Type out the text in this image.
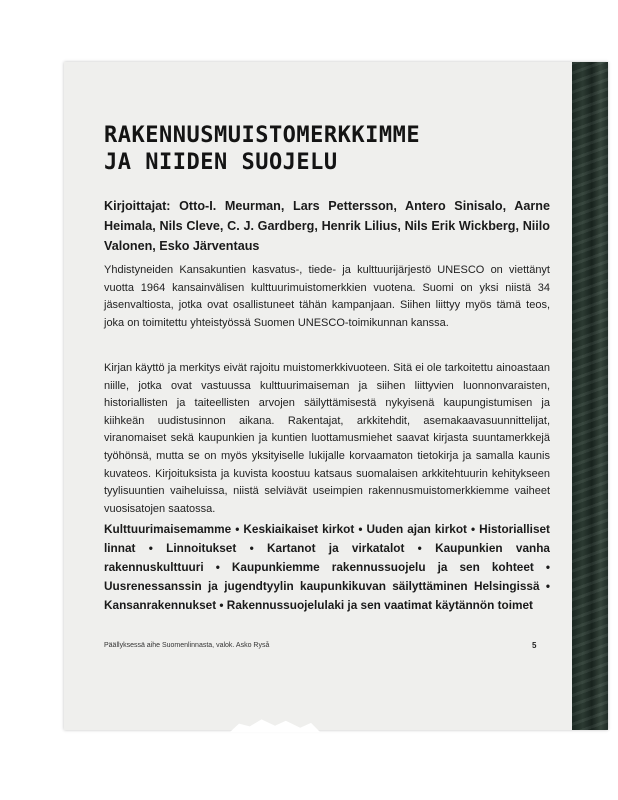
RAKENNUSMUISTOMERKKIMME
JA NIIDEN SUOJELU

Kirjoittajat: Otto-I. Meurman, Lars Pettersson, Antero Sinisalo, Aarne Heimala, Nils Cleve, C. J. Gardberg, Henrik Lilius, Nils Erik Wickberg, Niilo Valonen, Esko Järventaus

Yhdistyneiden Kansakuntien kasvatus-, tiede- ja kulttuurijärjestö UNESCO on viettänyt vuotta 1964 kansainvälisen kulttuurimuistomerkkien vuotena. Suomi on yksi niistä 34 jäsenvaltiosta, jotka ovat osallistuneet tähän kampanjaan. Siihen liittyy myös tämä teos, joka on toimitettu yhteistyössä Suomen UNESCO-toimikunnan kanssa.

Kirjan käyttö ja merkitys eivät rajoitu muistomerkkivuoteen. Sitä ei ole tarkoitettu ainoastaan niille, jotka ovat vastuussa kulttuurimaiseman ja siihen liittyvien luonnonvaraisten, historiallisten ja taiteellisten arvojen säilyttämisestä nykyisenä kaupungistumisen ja kiihkeän uudistusinnon aikana. Rakentajat, arkkitehdit, asemakaavasuunnittelijat, viranomaiset sekä kaupunkien ja kuntien luottamusmiehet saavat kirjasta suuntamerkkejä työhönsä, mutta se on myös yksityiselle lukijalle korvaamaton tietokirja ja samalla kaunis kuvateos. Kirjoituksista ja kuvista koostuu katsaus suomalaisen arkkitehtuurin kehitykseen tyylisuuntien vaiheluissa, niistä selviävät useimpien rakennusmuistomerkkiemme vaiheet vuosisatojen saatossa.

Kulttuurimaisemamme • Keskiaikaiset kirkot • Uuden ajan kirkot • Historialliset linnat • Linnoitukset • Kartanot ja virkatalot • Kaupunkien vanha rakennuskulttuuri • Kaupunkiemme rakennussuojelu ja sen kohteet • Uusrenessanssin ja jugendtyylin kaupunkikuvan säilyttäminen Helsingissä • Kansanrakennukset • Rakennussuojelulaki ja sen vaatimat käytännön toimet

Päällyksessä aihe Suomenlinnasta, valok. Asko Ryså	5
